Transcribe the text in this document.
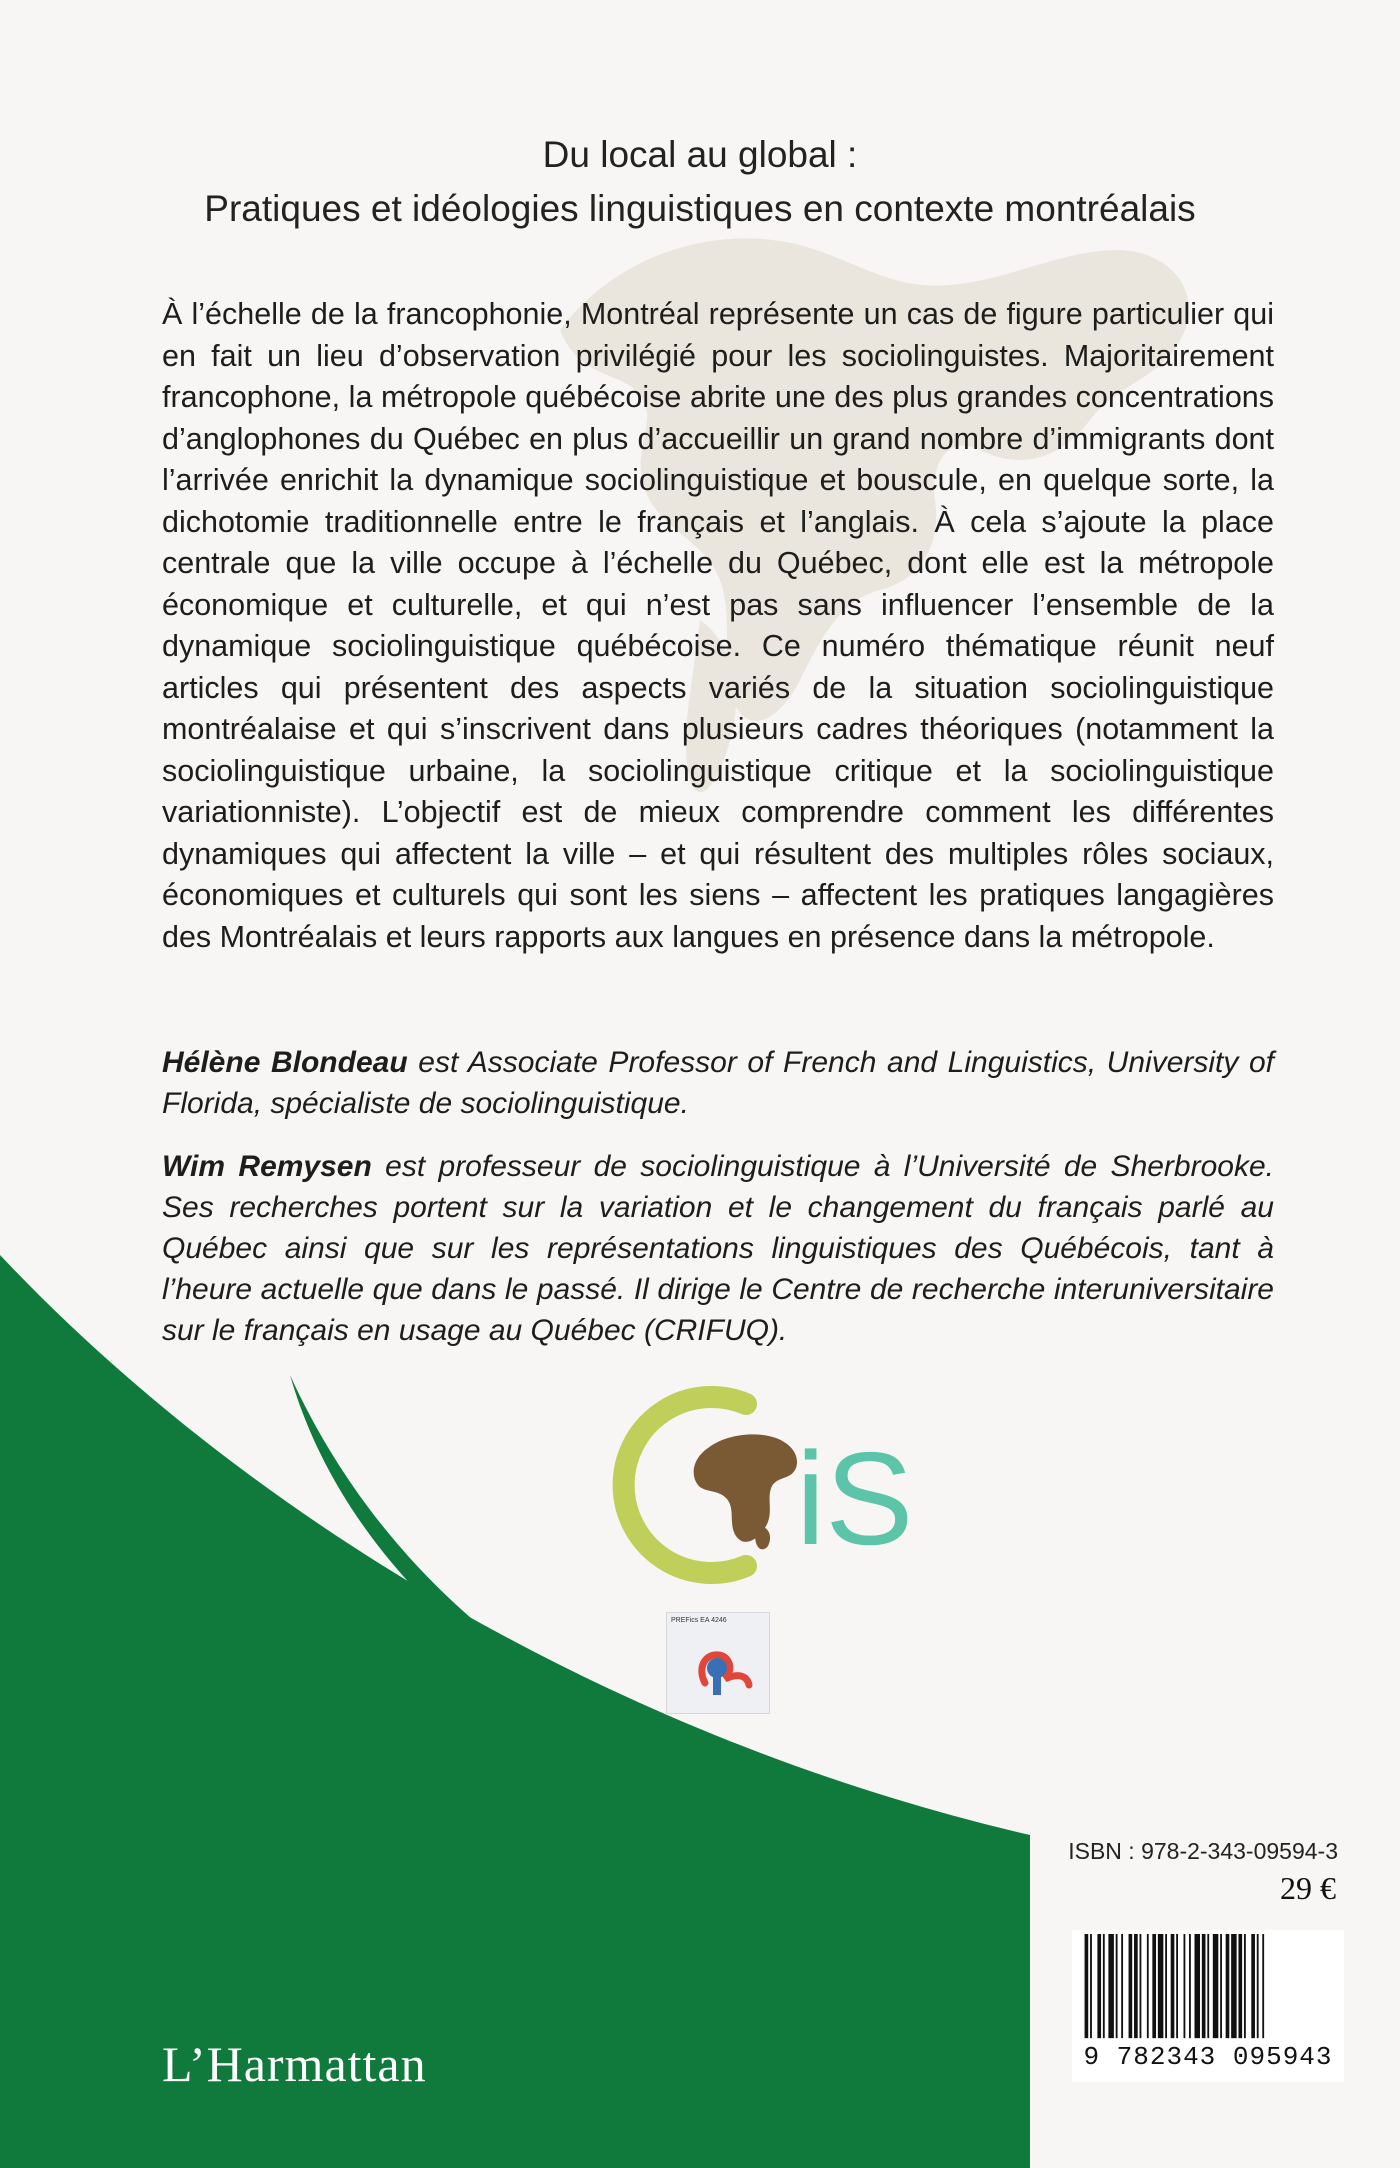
Du local au global :
Pratiques et idéologies linguistiques en contexte montréalais

À l’échelle de la francophonie, Montréal représente un cas de figure particulier qui en fait un lieu d’observation privilégié pour les sociolinguistes. Majoritairement francophone, la métropole québécoise abrite une des plus grandes concentrations d’anglophones du Québec en plus d’accueillir un grand nombre d’immigrants dont l’arrivée enrichit la dynamique sociolinguistique et bouscule, en quelque sorte, la dichotomie traditionnelle entre le français et l’anglais. À cela s’ajoute la place centrale que la ville occupe à l’échelle du Québec, dont elle est la métropole économique et culturelle, et qui n’est pas sans influencer l’ensemble de la dynamique sociolinguistique québécoise. Ce numéro thématique réunit neuf articles qui présentent des aspects variés de la situation sociolinguistique montréalaise et qui s’inscrivent dans plusieurs cadres théoriques (notamment la sociolinguistique urbaine, la sociolinguistique critique et la sociolinguistique variationniste). L’objectif est de mieux comprendre comment les différentes dynamiques qui affectent la ville – et qui résultent des multiples rôles sociaux, économiques et culturels qui sont les siens – affectent les pratiques langagières des Montréalais et leurs rapports aux langues en présence dans la métropole.

Hélène Blondeau est Associate Professor of French and Linguistics, University of Florida, spécialiste de sociolinguistique.

Wim Remysen est professeur de sociolinguistique à l’Université de Sherbrooke. Ses recherches portent sur la variation et le changement du français parlé au Québec ainsi que sur les représentations linguistiques des Québécois, tant à l’heure actuelle que dans le passé. Il dirige le Centre de recherche interuniversitaire sur le français en usage au Québec (CRIFUQ).

iS
PREFics EA 4246
ISBN : 978-2-343-09594-3
29 €
9 782343 095943
L’Harmattan
